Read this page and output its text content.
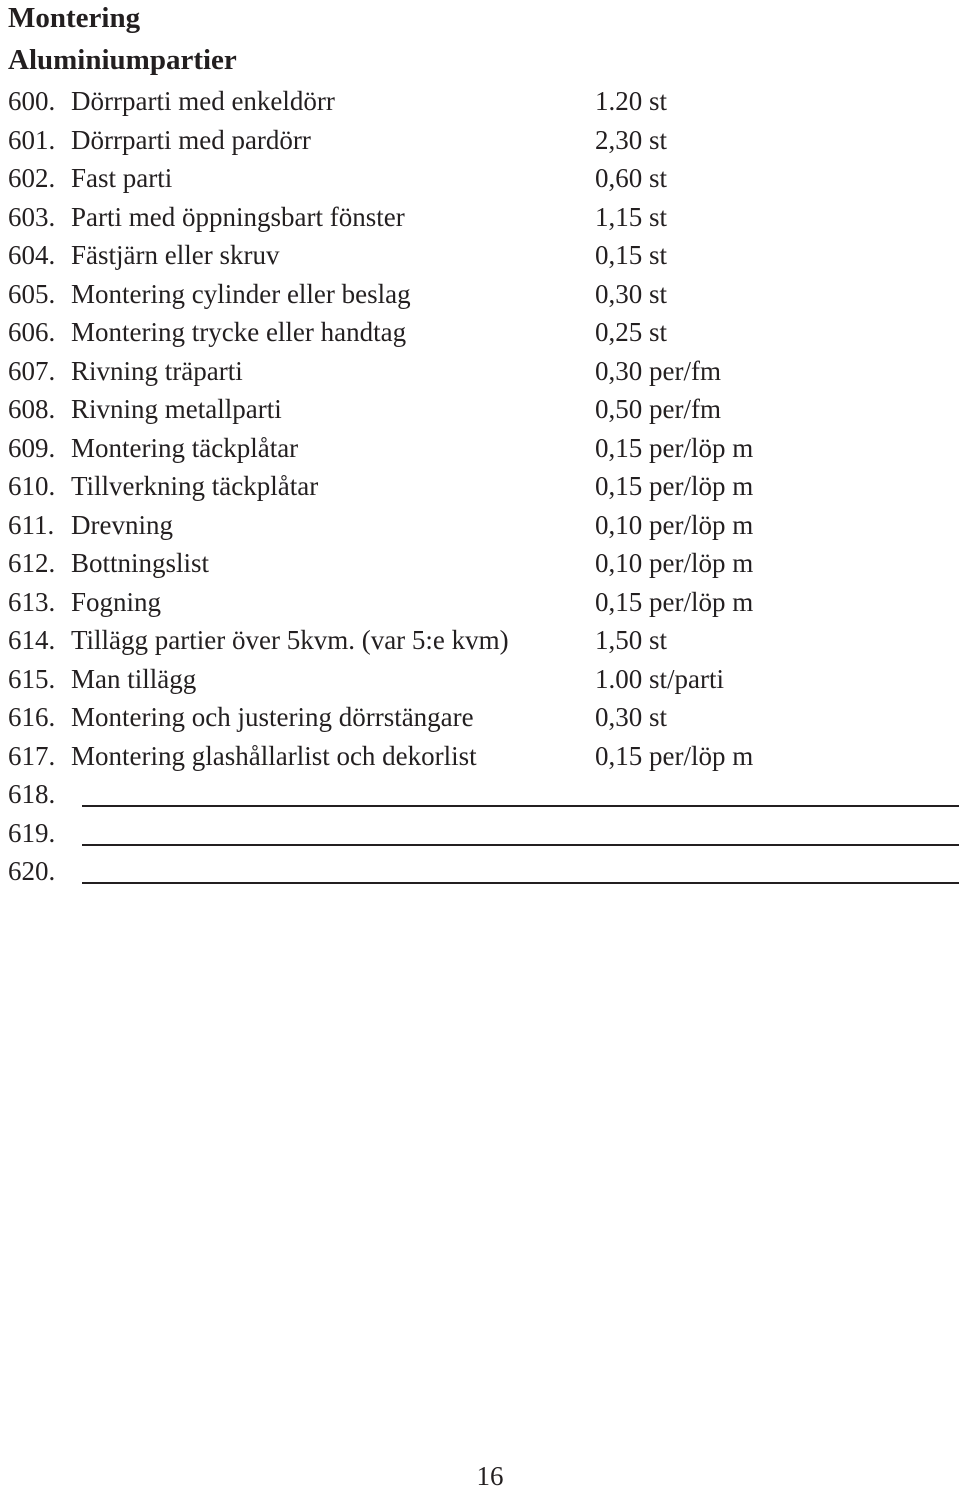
Montering
Aluminiumpartier
600. Dörrparti med enkeldörr	1.20 st
601. Dörrparti med pardörr	2,30 st
602. Fast parti	0,60 st
603. Parti med öppningsbart fönster	1,15 st
604. Fästjärn eller skruv	0,15 st
605. Montering cylinder eller beslag	0,30 st
606. Montering trycke eller handtag	0,25 st
607. Rivning träparti	0,30 per/fm
608. Rivning metallparti	0,50 per/fm
609. Montering täckplåtar	0,15 per/löp m
610. Tillverkning täckplåtar	0,15 per/löp m
611. Drevning	0,10 per/löp m
612. Bottningslist	0,10 per/löp m
613. Fogning	0,15 per/löp m
614. Tillägg partier över 5kvm. (var 5:e kvm)	1,50 st
615. Man tillägg	1.00 st/parti
616. Montering och justering dörrstängare	0,30 st
617. Montering glashållarlist och dekorlist	0,15 per/löp m
618.
619.
620.

16
